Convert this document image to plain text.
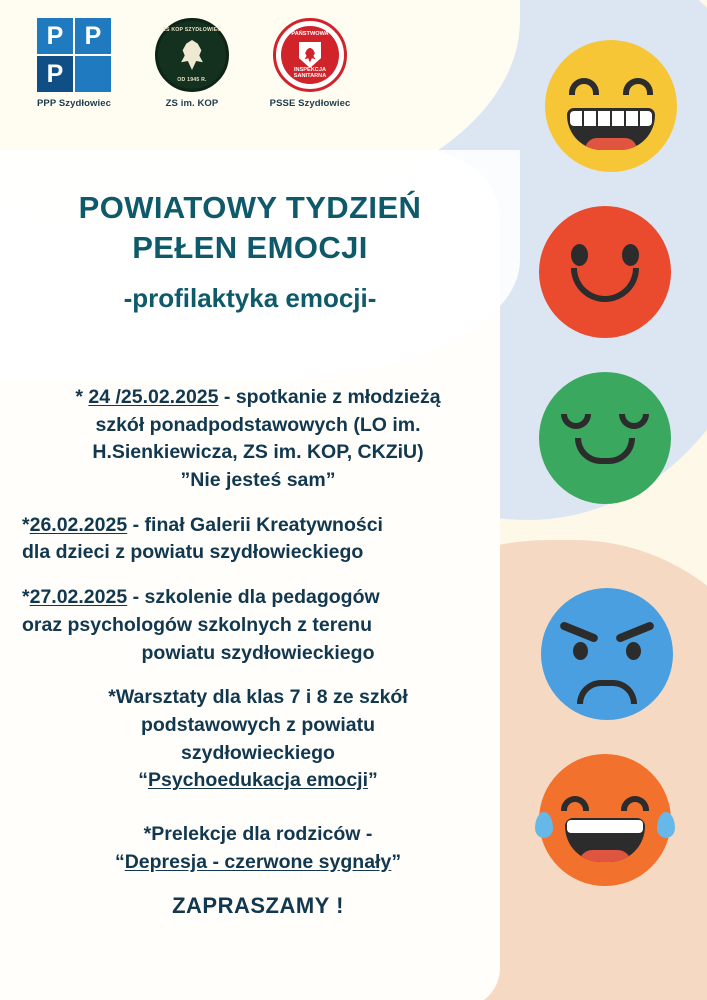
P P
P
PPP Szydłowiec
ZS KOP SZYDŁOWIEC
OD 1945 R.
ZS im. KOP
PAŃSTWOWA
INSPEKCJA SANITARNA
PSSE Szydłowiec
POWIATOWY TYDZIEŃ
PEŁEN EMOCJI
-profilaktyka emocji-
* 24 /25.02.2025 - spotkanie z młodzieżą
szkół ponadpodstawowych (LO im.
H.Sienkiewicza, ZS im. KOP, CKZiU)
”Nie jesteś sam”
*26.02.2025 - finał Galerii Kreatywności
dla dzieci z powiatu szydłowieckiego
*27.02.2025 - szkolenie dla pedagogów
oraz psychologów szkolnych z terenu

powiatu szydłowieckiego
*Warsztaty dla klas 7 i 8 ze szkół
podstawowych z powiatu
szydłowieckiego
“Psychoedukacja emocji”
*Prelekcje dla rodziców -
“Depresja - czerwone sygnały”
ZAPRASZAMY !
